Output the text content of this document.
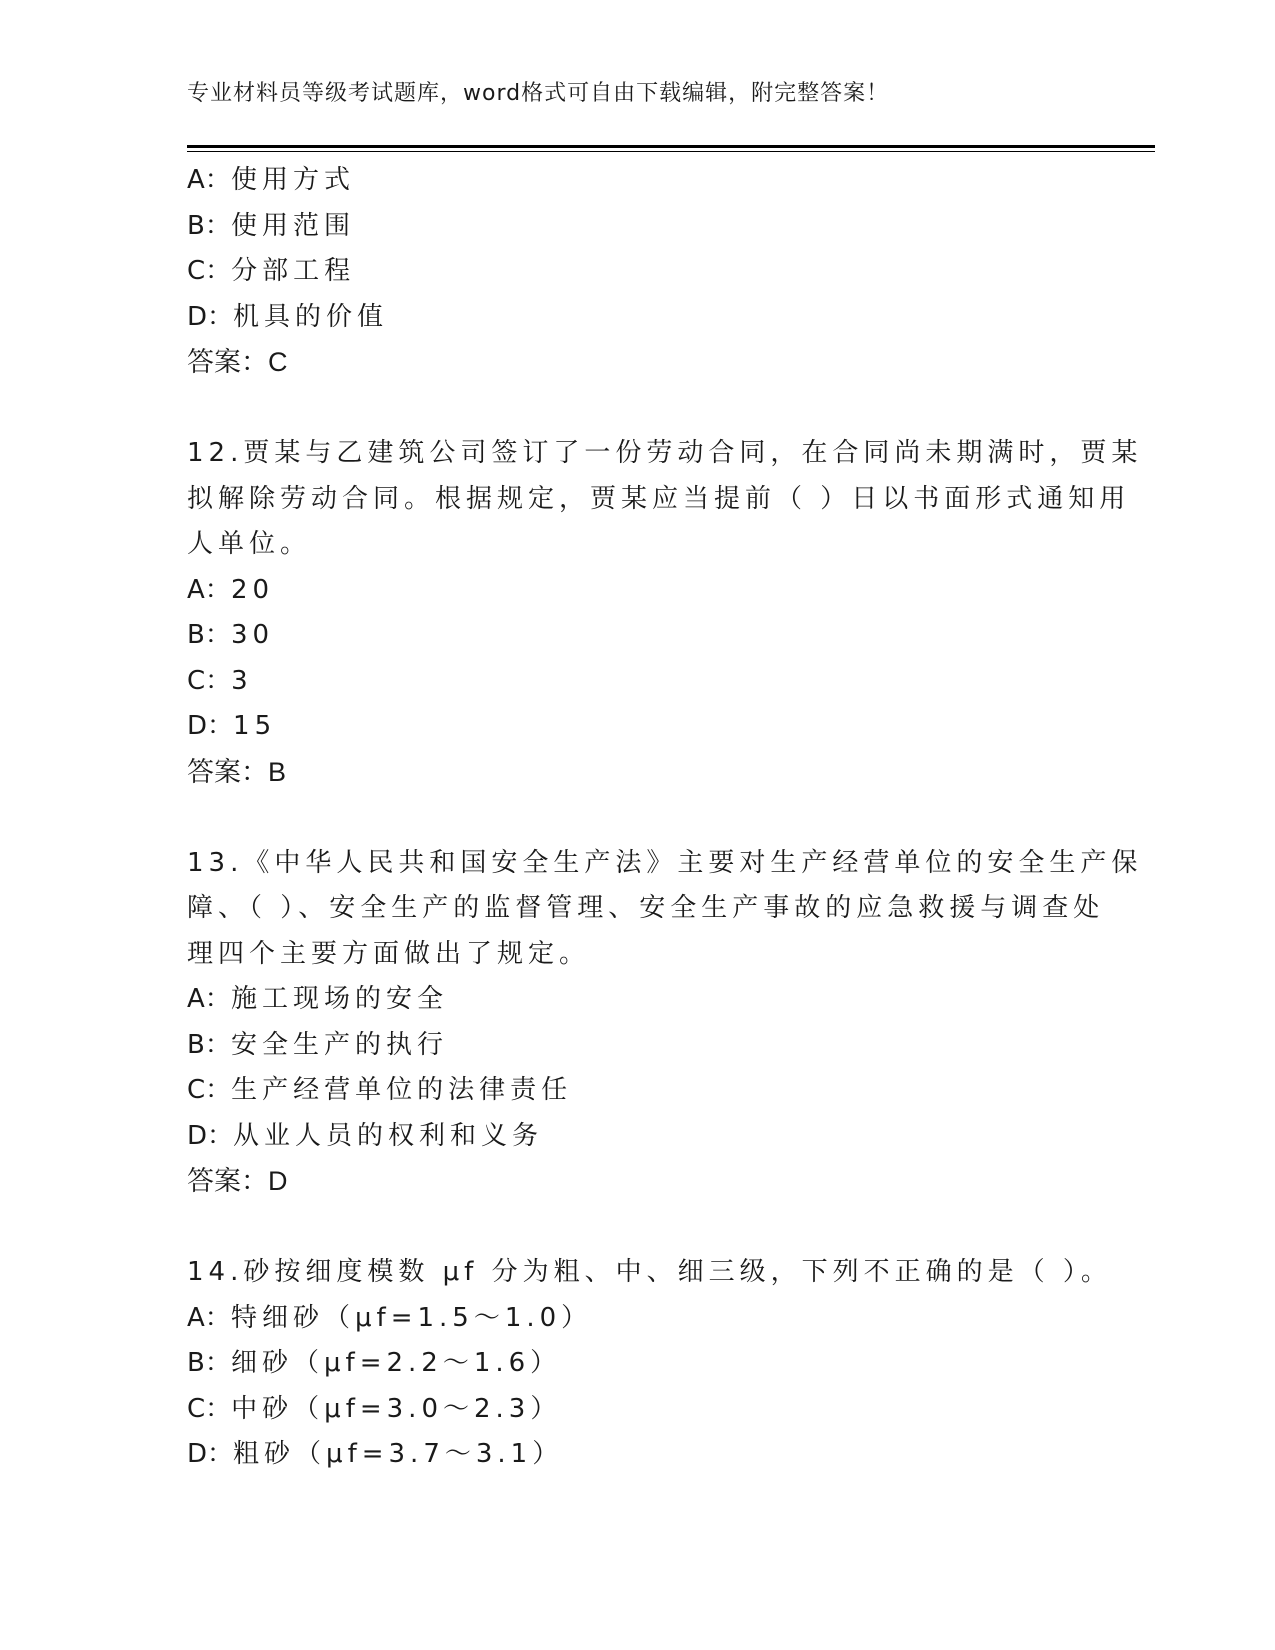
专业材料员等级考试题库，word格式可自由下载编辑，附完整答案！
A：使用方式
B：使用范围
C：分部工程
D：机具的价值
答案：C
12.贾某与乙建筑公司签订了一份劳动合同，在合同尚未期满时，贾某
拟解除劳动合同。根据规定，贾某应当提前（ ）日以书面形式通知用
人单位。
A：20
B：30
C：3
D：15
答案：B
13.《中华人民共和国安全生产法》主要对生产经营单位的安全生产保
障、（ ）、安全生产的监督管理、安全生产事故的应急救援与调查处
理四个主要方面做出了规定。
A：施工现场的安全
B：安全生产的执行
C：生产经营单位的法律责任
D：从业人员的权利和义务
答案：D
14.砂按细度模数 μf 分为粗、中、细三级，下列不正确的是（ ）。
A：特细砂（μf=1.5～1.0）
B：细砂（μf=2.2～1.6）
C：中砂（μf=3.0～2.3）
D：粗砂（μf=3.7～3.1）
